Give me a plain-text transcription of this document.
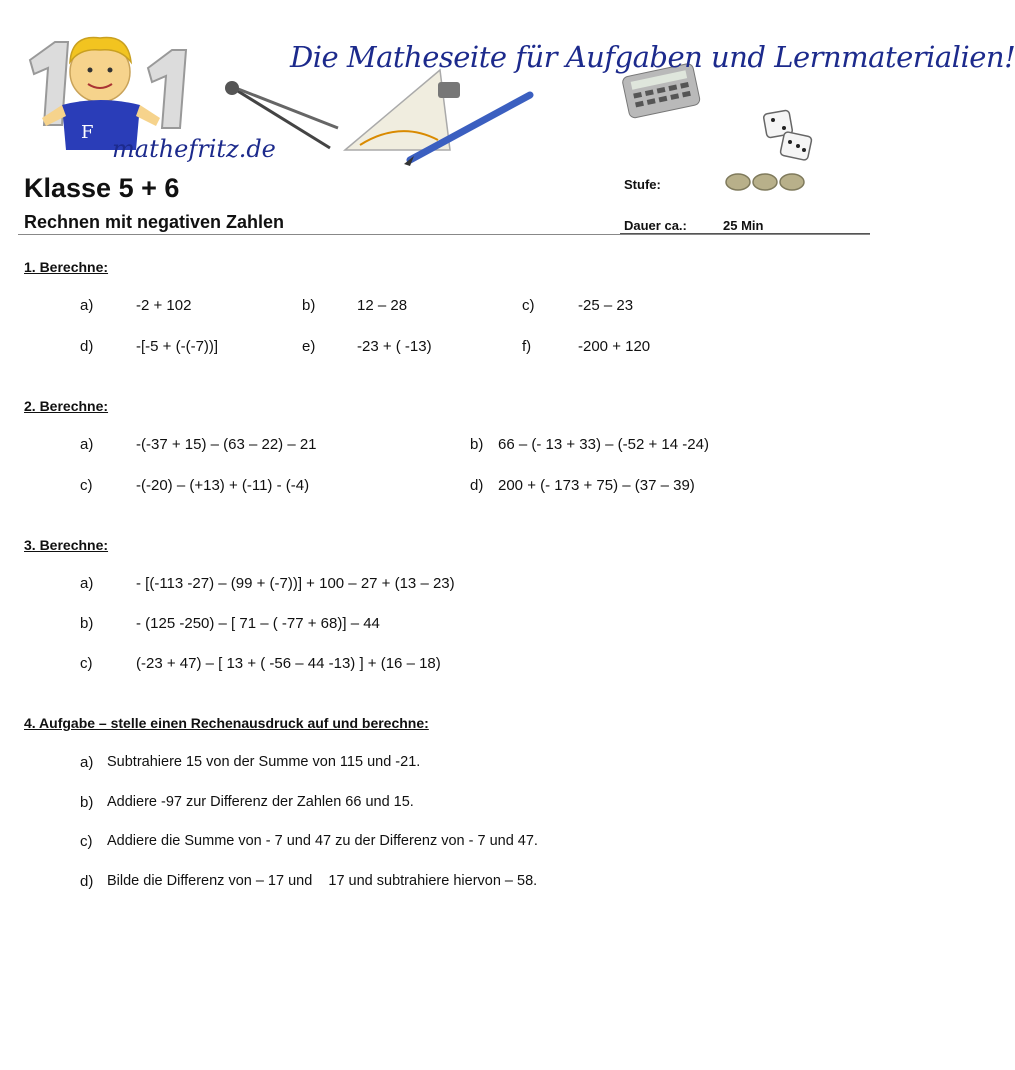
Die Matheseite für Aufgaben und Lernmaterialien!
mathefritz.de
F
Klasse 5 + 6
Rechnen mit negativen Zahlen
Stufe:
Dauer ca.:	25 Min
1. Berechne:
a)	-2 + 102	b)	12 – 28	c)	-25 – 23
d)	-[-5 + (-(-7))]	e)	-23 + ( -13)	f)	-200 + 120
2. Berechne:
a)	-(-37 + 15) – (63 – 22) – 21	b) 66 – (- 13 + 33) – (-52 + 14 -24)
c)	-(-20) – (+13) + (-11) - (-4)	d) 200 + (- 173 + 75) – (37 – 39)
3. Berechne:
a)	- [(-113 -27) – (99 + (-7))] + 100 – 27 + (13 – 23)
b)	- (125 -250) – [ 71 – ( -77 + 68)] – 44
c)	(-23 + 47) – [ 13 + ( -56 – 44 -13) ] + (16 – 18)
4. Aufgabe – stelle einen Rechenausdruck auf und berechne:
a) Subtrahiere 15 von der Summe von 115 und -21.
b) Addiere -97 zur Differenz der Zahlen 66 und 15.
c) Addiere die Summe von - 7 und 47 zu der Differenz von - 7 und 47.
d) Bilde die Differenz von – 17 und    17 und subtrahiere hiervon – 58.
